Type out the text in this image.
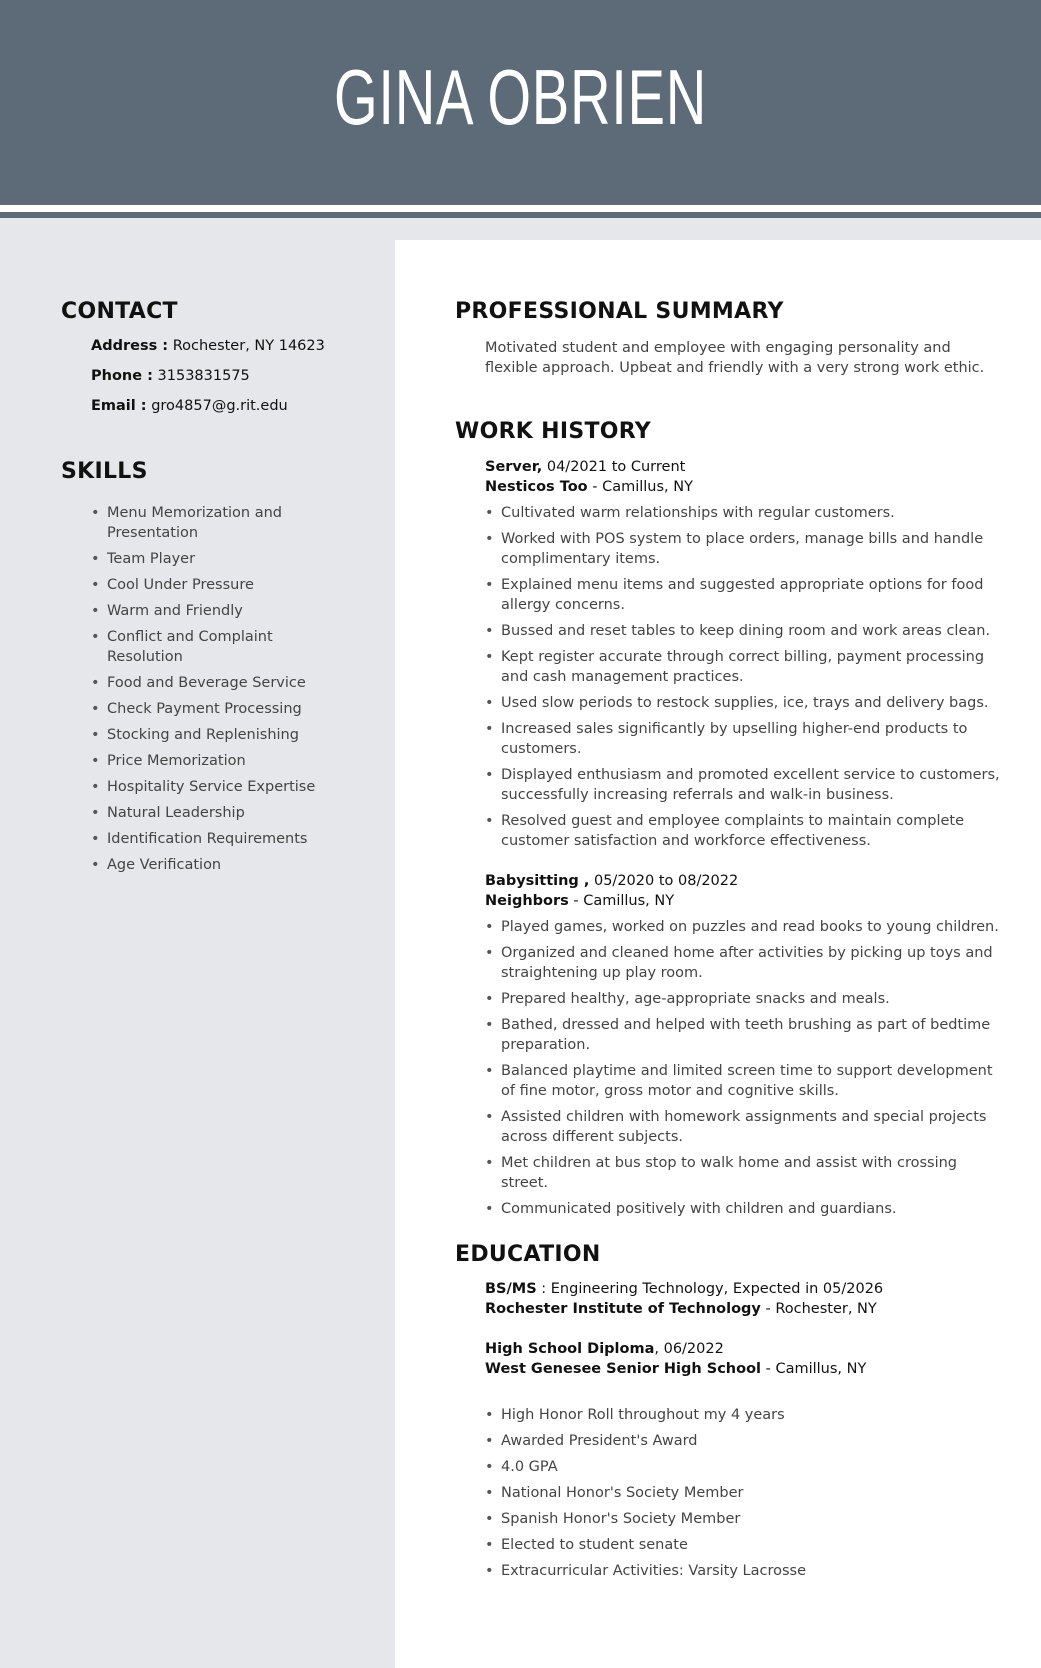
GINA OBRIEN
CONTACT
Address : Rochester, NY 14623
Phone : 3153831575
Email : gro4857@g.rit.edu
SKILLS
• Menu Memorization and Presentation
• Team Player
• Cool Under Pressure
• Warm and Friendly
• Conflict and Complaint Resolution
• Food and Beverage Service
• Check Payment Processing
• Stocking and Replenishing
• Price Memorization
• Hospitality Service Expertise
• Natural Leadership
• Identification Requirements
• Age Verification
PROFESSIONAL SUMMARY
Motivated student and employee with engaging personality and flexible approach. Upbeat and friendly with a very strong work ethic.
WORK HISTORY
Server, 04/2021 to Current
Nesticos Too - Camillus, NY
• Cultivated warm relationships with regular customers.
• Worked with POS system to place orders, manage bills and handle complimentary items.
• Explained menu items and suggested appropriate options for food allergy concerns.
• Bussed and reset tables to keep dining room and work areas clean.
• Kept register accurate through correct billing, payment processing and cash management practices.
• Used slow periods to restock supplies, ice, trays and delivery bags.
• Increased sales significantly by upselling higher-end products to customers.
• Displayed enthusiasm and promoted excellent service to customers, successfully increasing referrals and walk-in business.
• Resolved guest and employee complaints to maintain complete customer satisfaction and workforce effectiveness.
Babysitting , 05/2020 to 08/2022
Neighbors - Camillus, NY
• Played games, worked on puzzles and read books to young children.
• Organized and cleaned home after activities by picking up toys and straightening up play room.
• Prepared healthy, age-appropriate snacks and meals.
• Bathed, dressed and helped with teeth brushing as part of bedtime preparation.
• Balanced playtime and limited screen time to support development of fine motor, gross motor and cognitive skills.
• Assisted children with homework assignments and special projects across different subjects.
• Met children at bus stop to walk home and assist with crossing street.
• Communicated positively with children and guardians.
EDUCATION
BS/MS : Engineering Technology, Expected in 05/2026
Rochester Institute of Technology - Rochester, NY
High School Diploma, 06/2022
West Genesee Senior High School - Camillus, NY
• High Honor Roll throughout my 4 years
• Awarded President's Award
• 4.0 GPA
• National Honor's Society Member
• Spanish Honor's Society Member
• Elected to student senate
• Extracurricular Activities: Varsity Lacrosse
